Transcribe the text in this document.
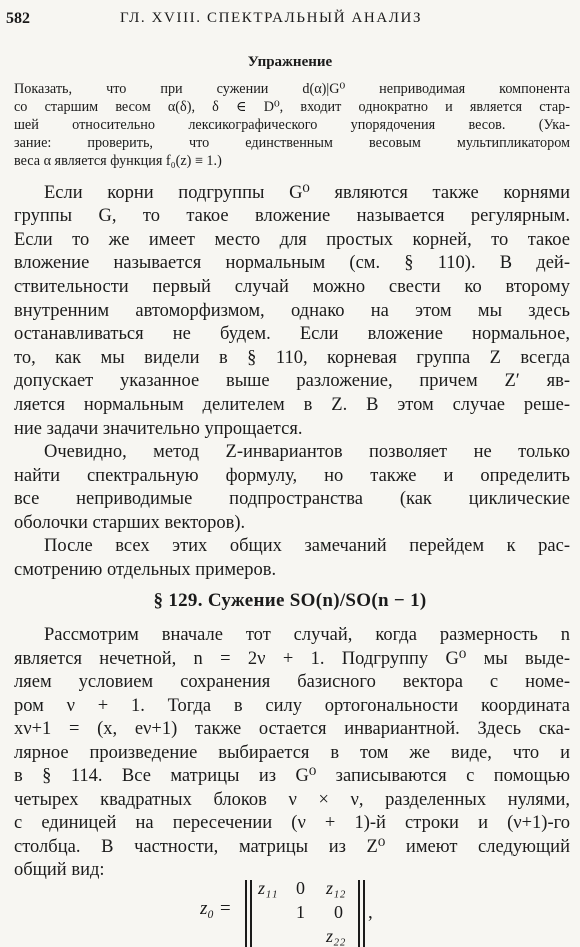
582	ГЛ. XVIII. СПЕКТРАЛЬНЫЙ АНАЛИЗ
Упражнение
Показать, что при сужении d(α)|G⁰ неприводимая компонента
со старшим весом α(δ), δ ∈ D⁰, входит однократно и является стар-
шей относительно лексикографического упорядочения весов. (Ука-
зание: проверить, что единственным весовым мультипликатором
веса α является функция f₀(z) ≡ 1.)
Если корни подгруппы G⁰ являются также корнями
группы G, то такое вложение называется регулярным.
Если то же имеет место для простых корней, то такое
вложение называется нормальным (см. § 110). В дей-
ствительности первый случай можно свести ко второму
внутренним автоморфизмом, однако на этом мы здесь
останавливаться не будем. Если вложение нормальное,
то, как мы видели в § 110, корневая группа Z всегда
допускает указанное выше разложение, причем Z′ яв-
ляется нормальным делителем в Z. В этом случае реше-
ние задачи значительно упрощается.
Очевидно, метод Z-инвариантов позволяет не только
найти спектральную формулу, но также и определить
все неприводимые подпространства (как циклические
оболочки старших векторов).
После всех этих общих замечаний перейдем к рас-
смотрению отдельных примеров.
§ 129. Сужение SO(n)/SO(n − 1)
Рассмотрим вначале тот случай, когда размерность n
является нечетной, n = 2ν + 1. Подгруппу G⁰ мы выде-
ляем условием сохранения базисного вектора с номе-
ром ν + 1. Тогда в силу ортогональности координата
xν+1 = (x, eν+1) также остается инвариантной. Здесь ска-
лярное произведение выбирается в том же виде, что и
в § 114. Все матрицы из G⁰ записываются с помощью
четырех квадратных блоков ν × ν, разделенных нулями,
с единицей на пересечении (ν + 1)-й строки и (ν+1)-го
столбца. В частности, матрицы из Z⁰ имеют следующий
общий вид:
z₀ =
z₁₁ 0 z₁₂
1 0
z₂₂
,
